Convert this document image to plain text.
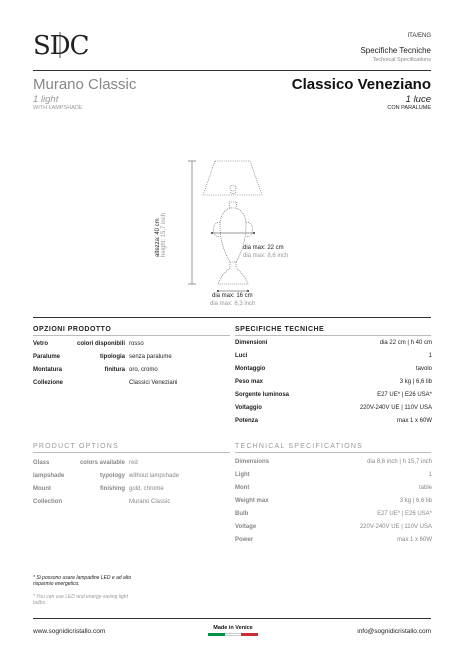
SDC	ITA/ENG
Specifiche Tecniche
Technical Specifications
Murano Classic
1 light
WITH LAMPSHADE
Classico Veneziano
1 luce
CON PARALUME
altezza: 40 cm height: 15,7 inch	dia max: 22 cm
dia max: 8,6 inch
dia max: 16 cm
dia max: 6,3 inch
OPZIONI PRODOTTO
Vetro	colori disponibili	rosso
Paralume	tipologia	senza paralume
Montatura	finitura	oro, cromo
Collezione		Classici Veneziani
SPECIFICHE TECNICHE
Dimensioni	dia 22 cm | h 40 cm
Luci	1
Montaggio	tavolo
Peso max	3 kg | 6,6 lib
Sorgente luminosa	E27 UE* | E26 USA*
Voltaggio	220V-240V UE | 110V USA
Potenza	max 1 x 60W
PRODUCT OPTIONS
Glass	colors available	red
lampshade	typology	without lampshade
Mount	finishing	gold, chrome
Collection		Murano Classic
TECHNICAL SPECIFICATIONS
Dimensions	dia 8,6 inch | h 15,7 inch
Light	1
Mont	table
Weight max	3 kg | 6,6 lib
Bulb	E27 UE* | E26 USA*
Voltage	220V-240V UE | 110V USA
Power	max 1 x 60W
* Si possono usare lampadine LED e ad alto risparmio energetico.
* You can use LED and energy-saving light bulbs.
www.sognidicristallo.com	Made in Venice	info@sognidicristallo.com
